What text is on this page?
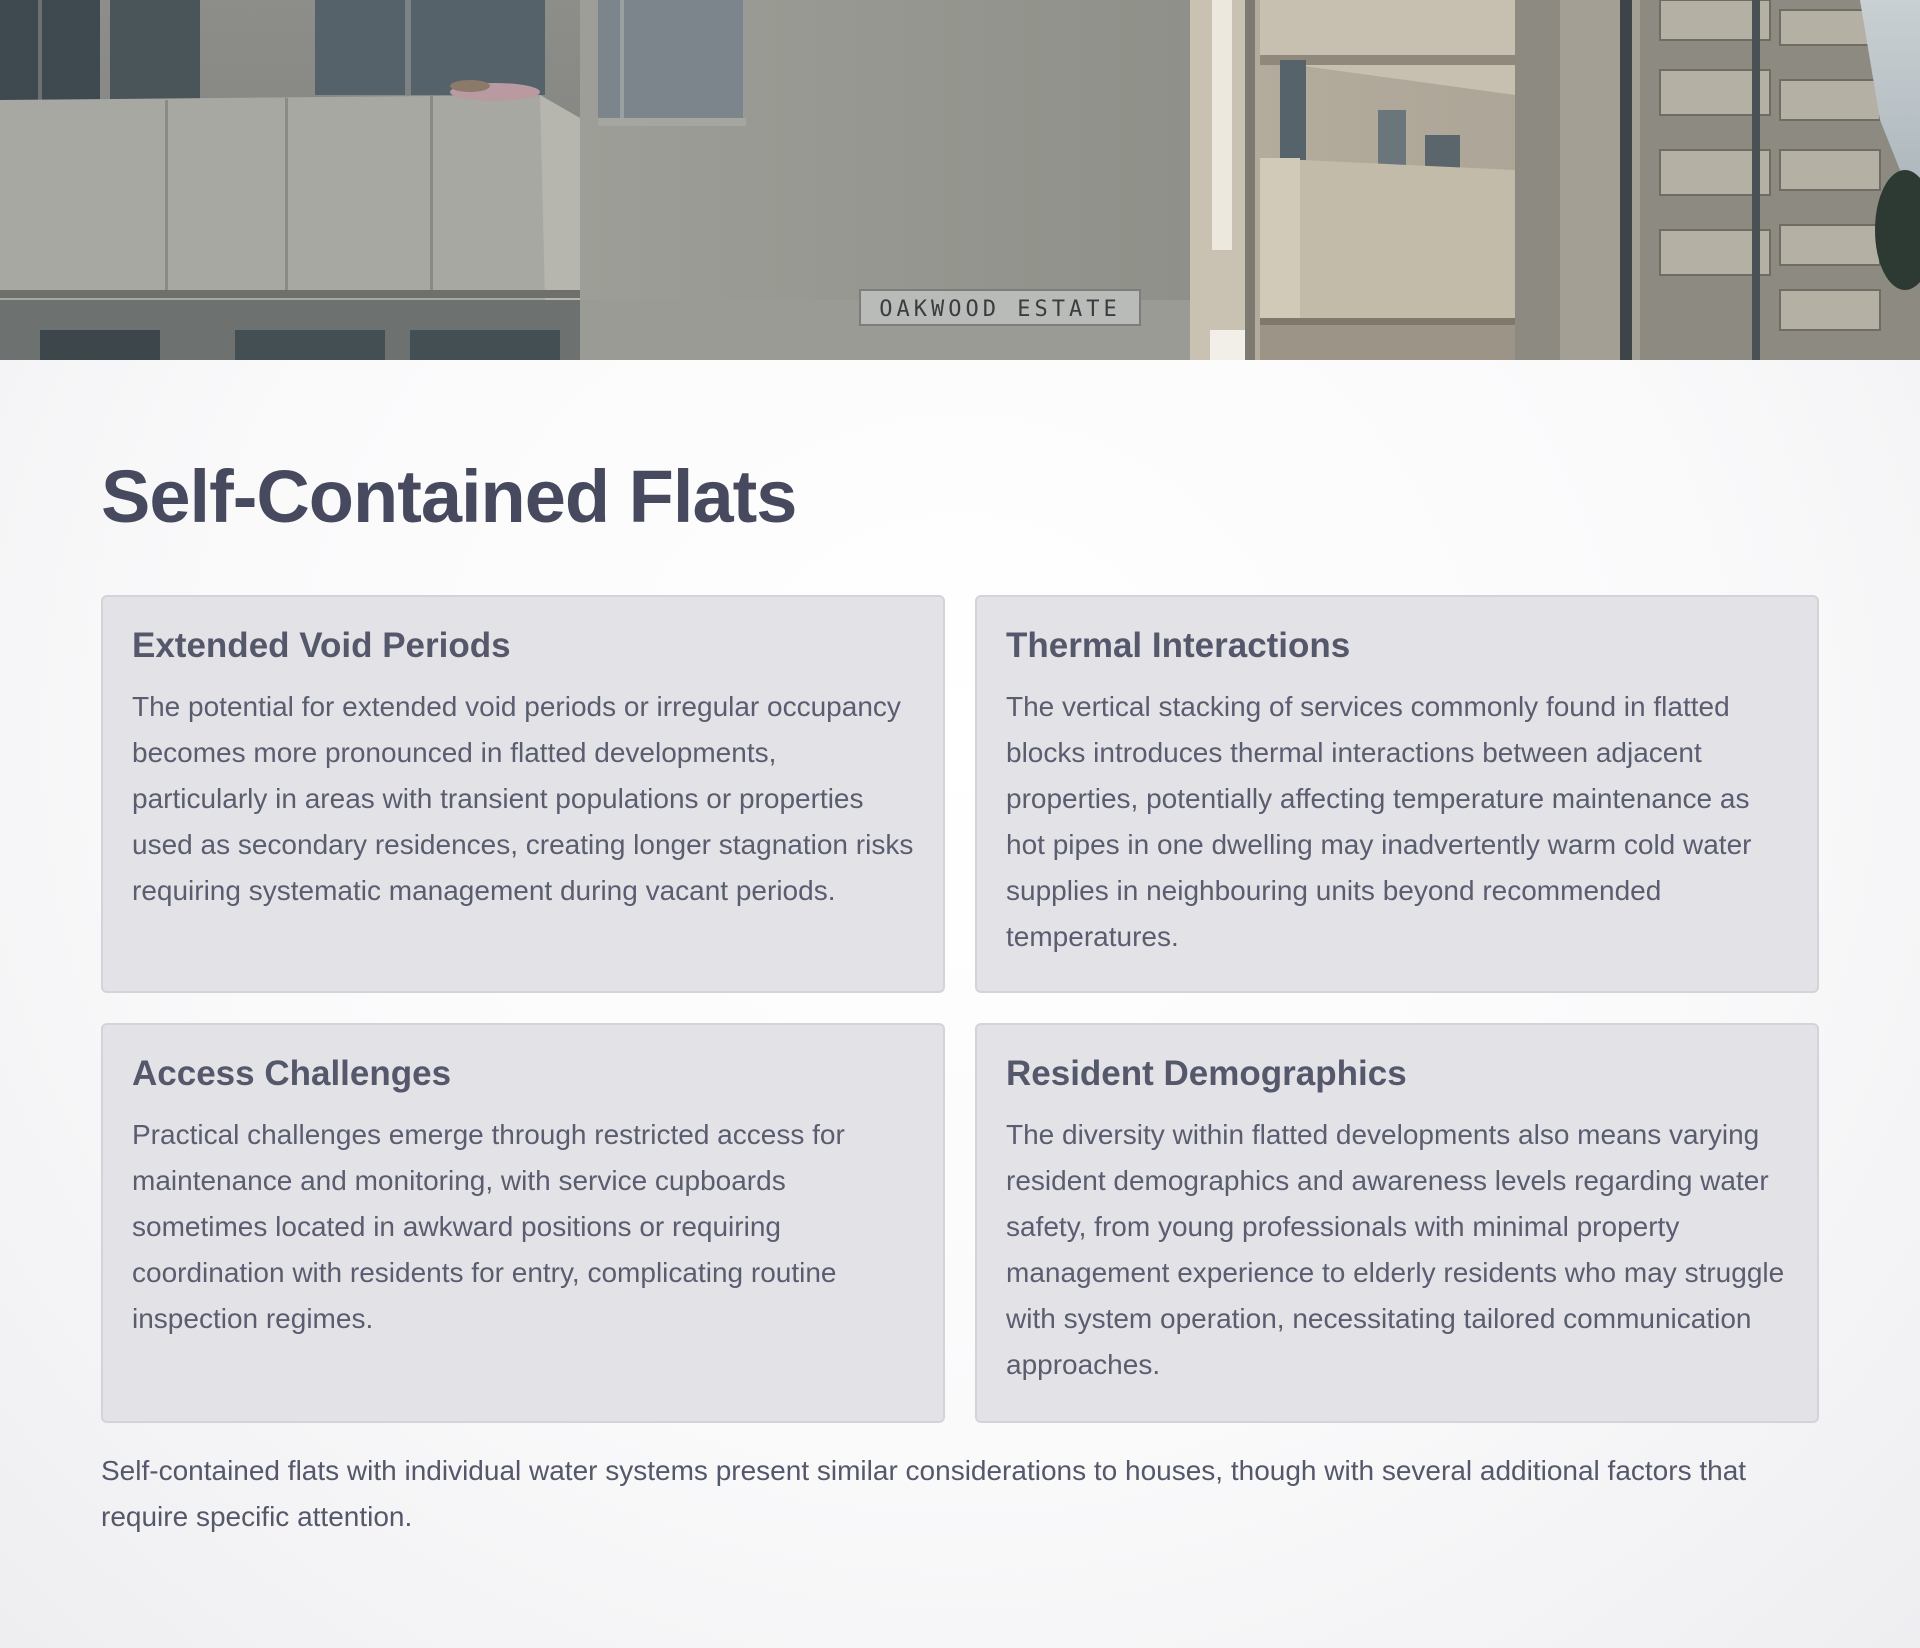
OAKWOOD ESTATE
Self-Contained Flats
Extended Void Periods

The potential for extended void periods or irregular occupancy becomes more pronounced in flatted developments, particularly in areas with transient populations or properties used as secondary residences, creating longer stagnation risks requiring systematic management during vacant periods.

Thermal Interactions

The vertical stacking of services commonly found in flatted blocks introduces thermal interactions between adjacent properties, potentially affecting temperature maintenance as hot pipes in one dwelling may inadvertently warm cold water supplies in neighbouring units beyond recommended temperatures.

Access Challenges

Practical challenges emerge through restricted access for maintenance and monitoring, with service cupboards sometimes located in awkward positions or requiring coordination with residents for entry, complicating routine inspection regimes.

Resident Demographics

The diversity within flatted developments also means varying resident demographics and awareness levels regarding water safety, from young professionals with minimal property management experience to elderly residents who may struggle with system operation, necessitating tailored communication approaches.

Self-contained flats with individual water systems present similar considerations to houses, though with several additional factors that require specific attention.
